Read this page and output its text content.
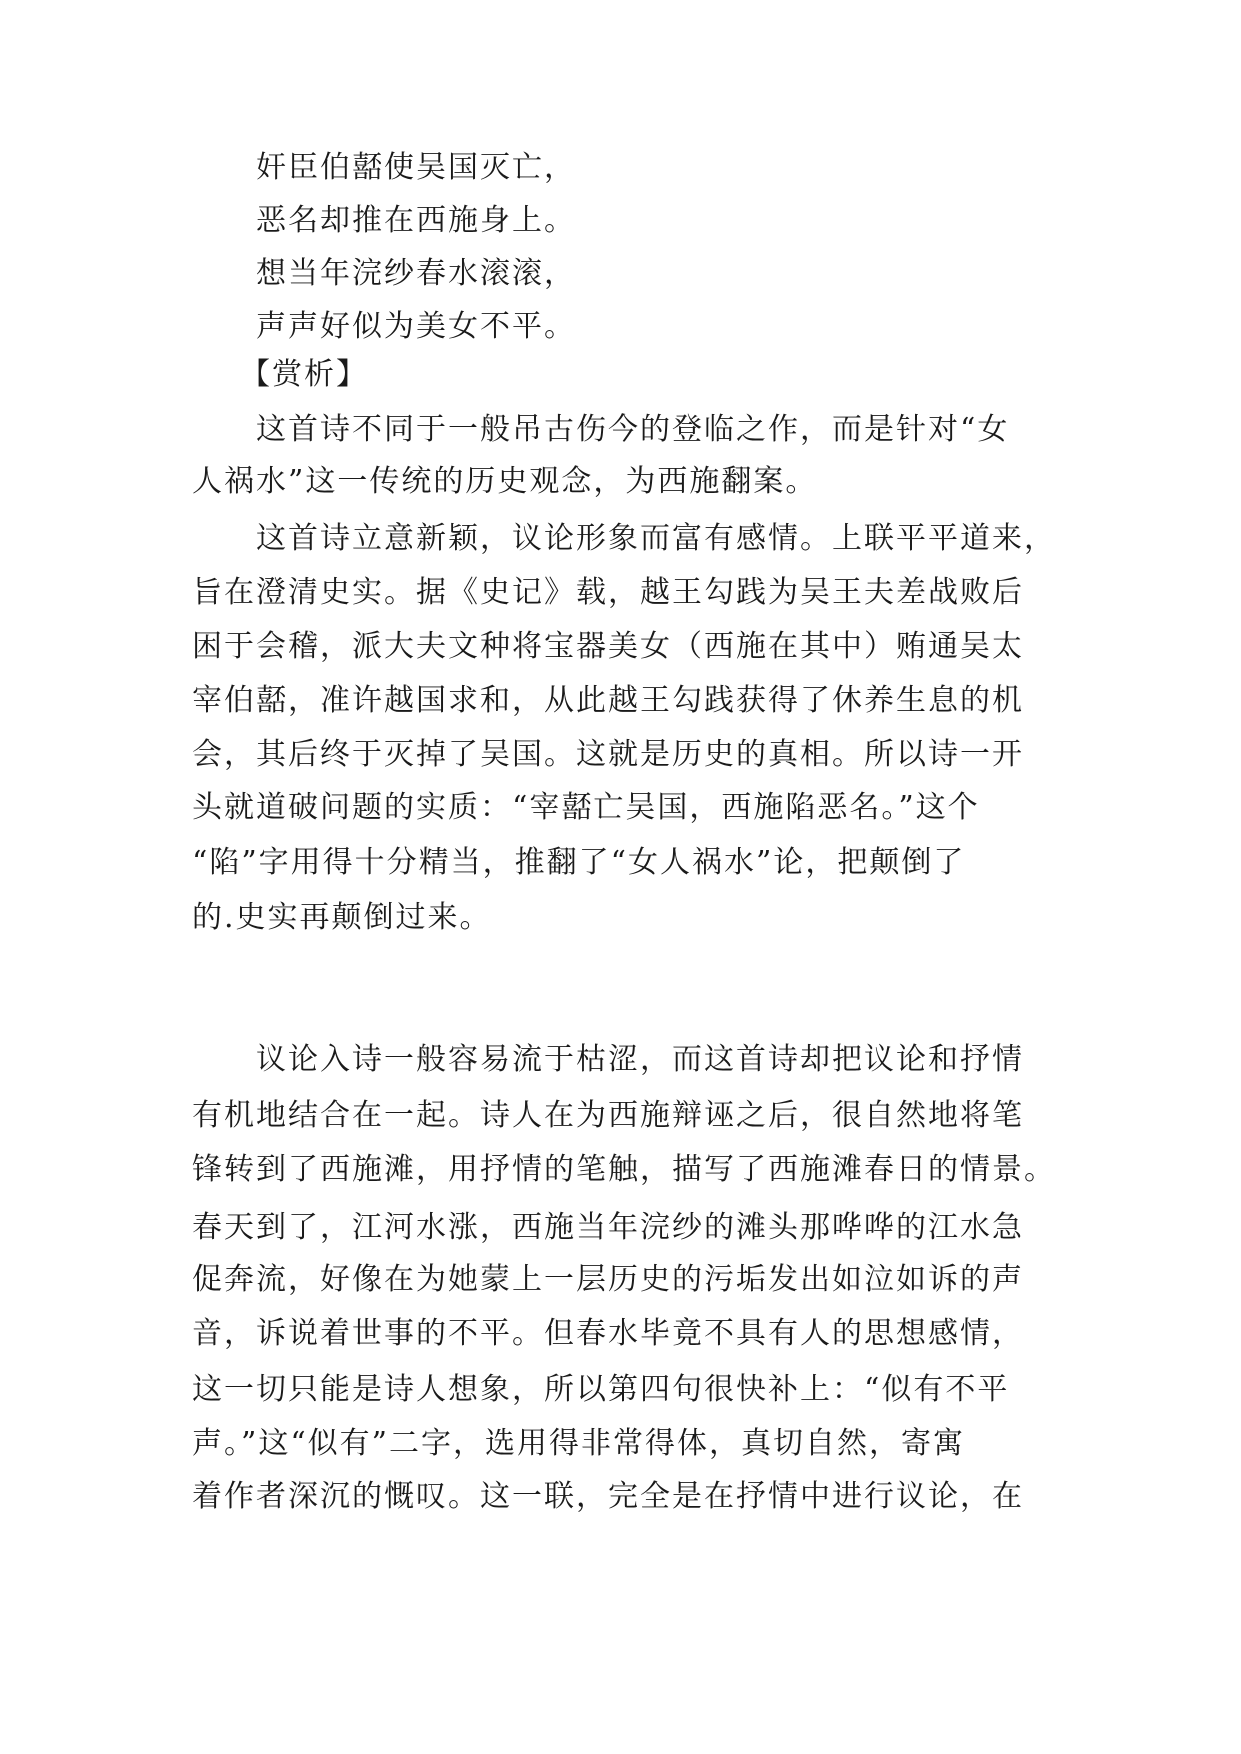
奸臣伯嚭使吴国灭亡，
恶名却推在西施身上。
想当年浣纱春水滚滚，
声声好似为美女不平。
【赏析】
这首诗不同于一般吊古伤今的登临之作，而是针对“女
人祸水”这一传统的历史观念，为西施翻案。
这首诗立意新颖，议论形象而富有感情。上联平平道来，
旨在澄清史实。据《史记》载，越王勾践为吴王夫差战败后
困于会稽，派大夫文种将宝器美女（西施在其中）贿通吴太
宰伯嚭，准许越国求和，从此越王勾践获得了休养生息的机
会，其后终于灭掉了吴国。这就是历史的真相。所以诗一开
头就道破问题的实质：“宰嚭亡吴国，西施陷恶名。”这个
“陷”字用得十分精当，推翻了“女人祸水”论，把颠倒了
的.史实再颠倒过来。
议论入诗一般容易流于枯涩，而这首诗却把议论和抒情
有机地结合在一起。诗人在为西施辩诬之后，很自然地将笔
锋转到了西施滩，用抒情的笔触，描写了西施滩春日的情景。
春天到了，江河水涨，西施当年浣纱的滩头那哗哗的江水急
促奔流，好像在为她蒙上一层历史的污垢发出如泣如诉的声
音，诉说着世事的不平。但春水毕竟不具有人的思想感情，
这一切只能是诗人想象，所以第四句很快补上：“似有不平
声。”这“似有”二字，选用得非常得体，真切自然，寄寓
着作者深沉的慨叹。这一联，完全是在抒情中进行议论，在
